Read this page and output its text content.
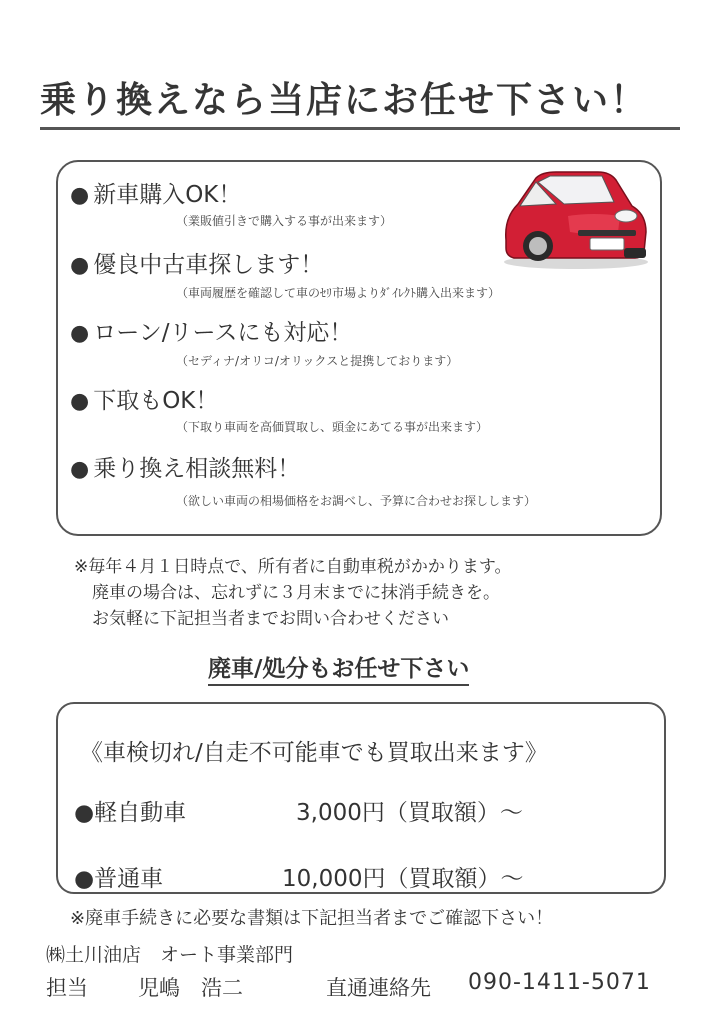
乗り換えなら当店にお任せ下さい！
● 新車購入OK！
（業販値引きで購入する事が出来ます）
● 優良中古車探します！
（車両履歴を確認して車のｾﾘ市場よりﾀﾞｲﾚｸﾄ購入出来ます）
● ローン/リースにも対応！
（セディナ/オリコ/オリックスと提携しております）
● 下取もOK！
（下取り車両を高価買取し、頭金にあてる事が出来ます）
● 乗り換え相談無料！
（欲しい車両の相場価格をお調べし、予算に合わせお探しします）
※毎年４月１日時点で、所有者に自動車税がかかります。
廃車の場合は、忘れずに３月末までに抹消手続きを。
お気軽に下記担当者までお問い合わせください
廃車/処分もお任せ下さい
《車検切れ/自走不可能車でも買取出来ます》
●軽自動車	3,000円（買取額）～
●普通車	10,000円（買取額）～
※廃車手続きに必要な書類は下記担当者までご確認下さい！
㈱土川油店　オート事業部門
担当 児嶋　浩二	直通連絡先 090-1411-5071
